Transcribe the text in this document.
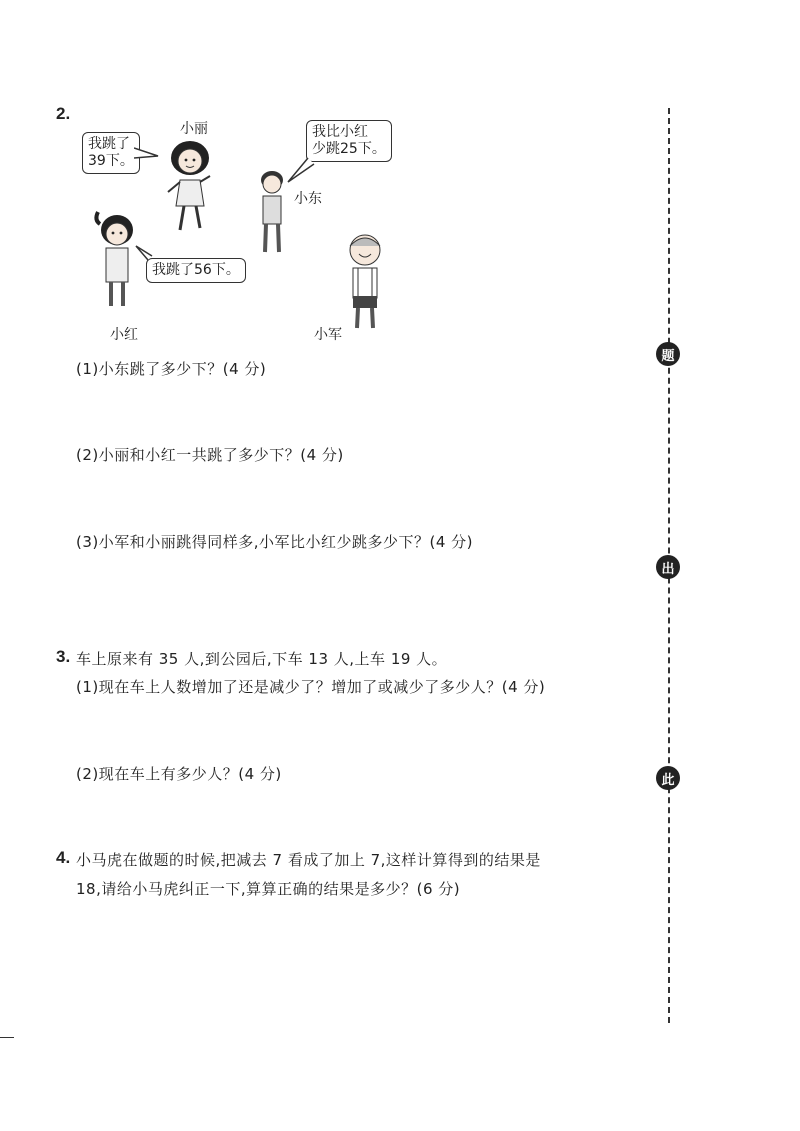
2.
我跳了
39下。
我比小红
少跳25下。
我跳了56下。
小丽
小东
小红	小军
(1)小东跳了多少下？(4 分)
(2)小丽和小红一共跳了多少下？(4 分)
(3)小军和小丽跳得同样多,小军比小红少跳多少下？(4 分)
3. 车上原来有 35 人,到公园后,下车 13 人,上车 19 人。
(1)现在车上人数增加了还是减少了？增加了或减少了多少人？(4 分)
(2)现在车上有多少人？(4 分)
4. 小马虎在做题的时候,把减去 7 看成了加上 7,这样计算得到的结果是
18,请给小马虎纠正一下,算算正确的结果是多少？(6 分)
题
出
此
